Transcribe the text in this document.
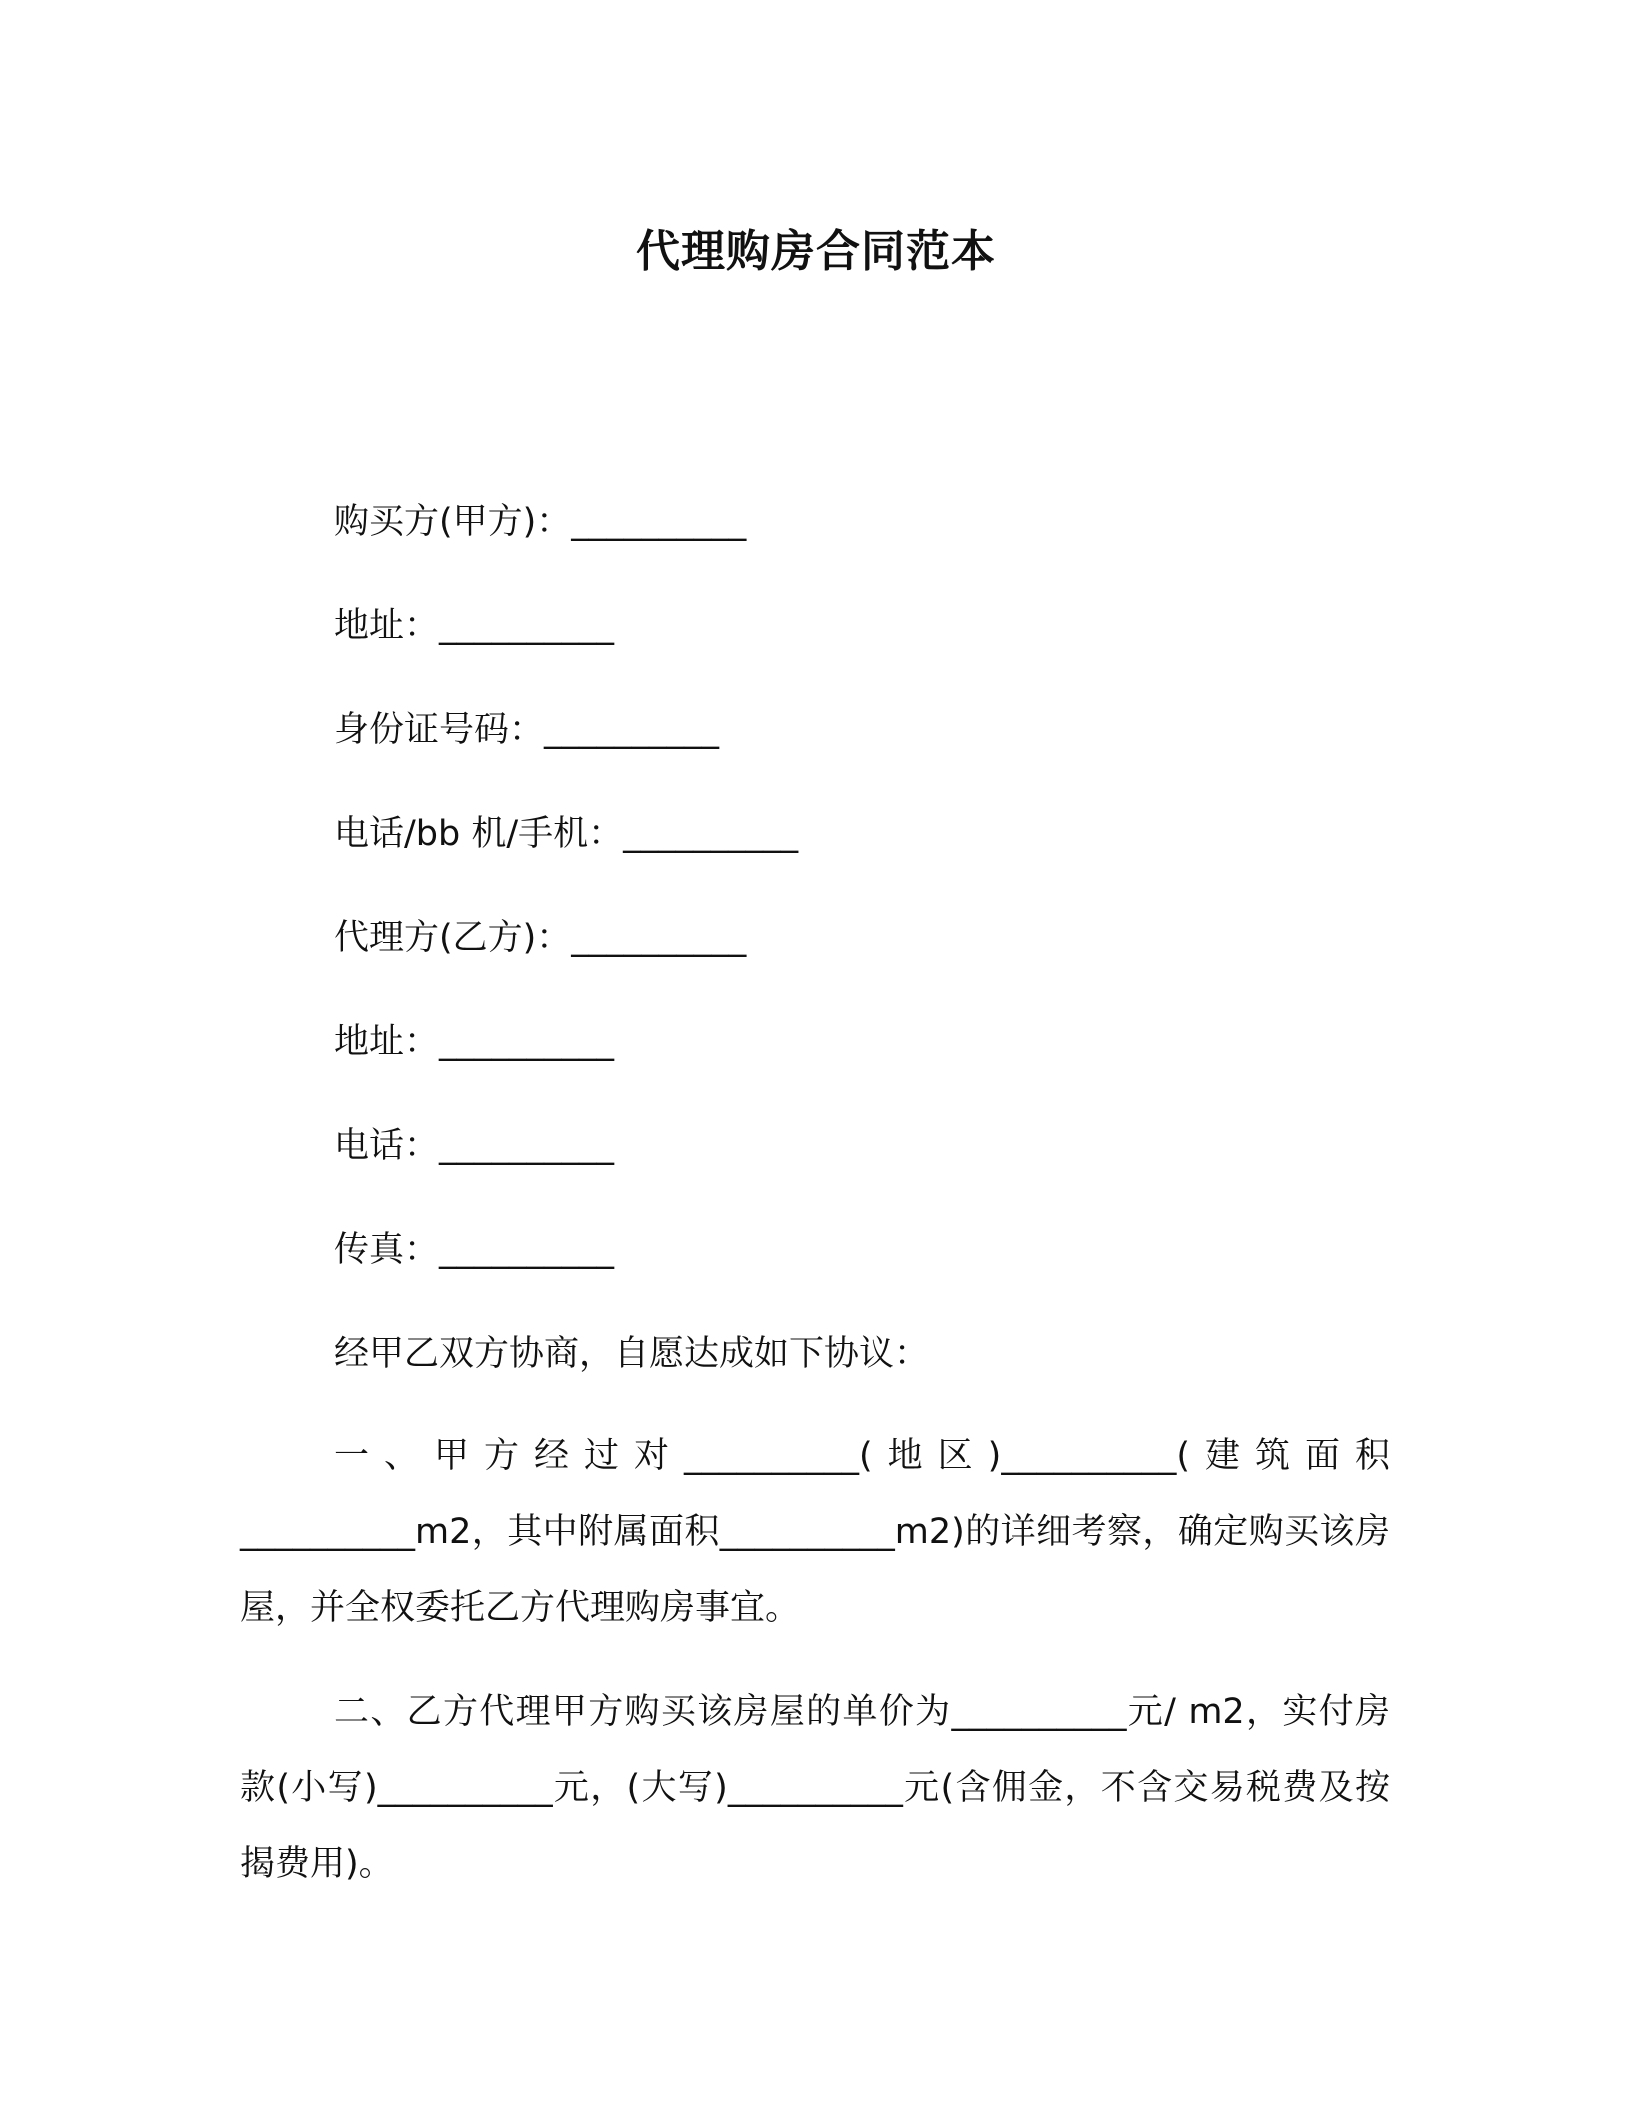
代理购房合同范本
购买方(甲方)：__________
地址：__________
身份证号码：__________
电话/bb 机/手机：__________
代理方(乙方)：__________
地址：__________
电话：__________
传真：__________
经甲乙双方协商，自愿达成如下协议：
一、甲方经过对__________(地区)__________(建筑面积__________m2，其中附属面积__________m2)的详细考察，确定购买该房屋，并全权委托乙方代理购房事宜。
二、乙方代理甲方购买该房屋的单价为__________元/ m2，实付房款(小写)__________元，(大写)__________元(含佣金，不含交易税费及按揭费用)。
